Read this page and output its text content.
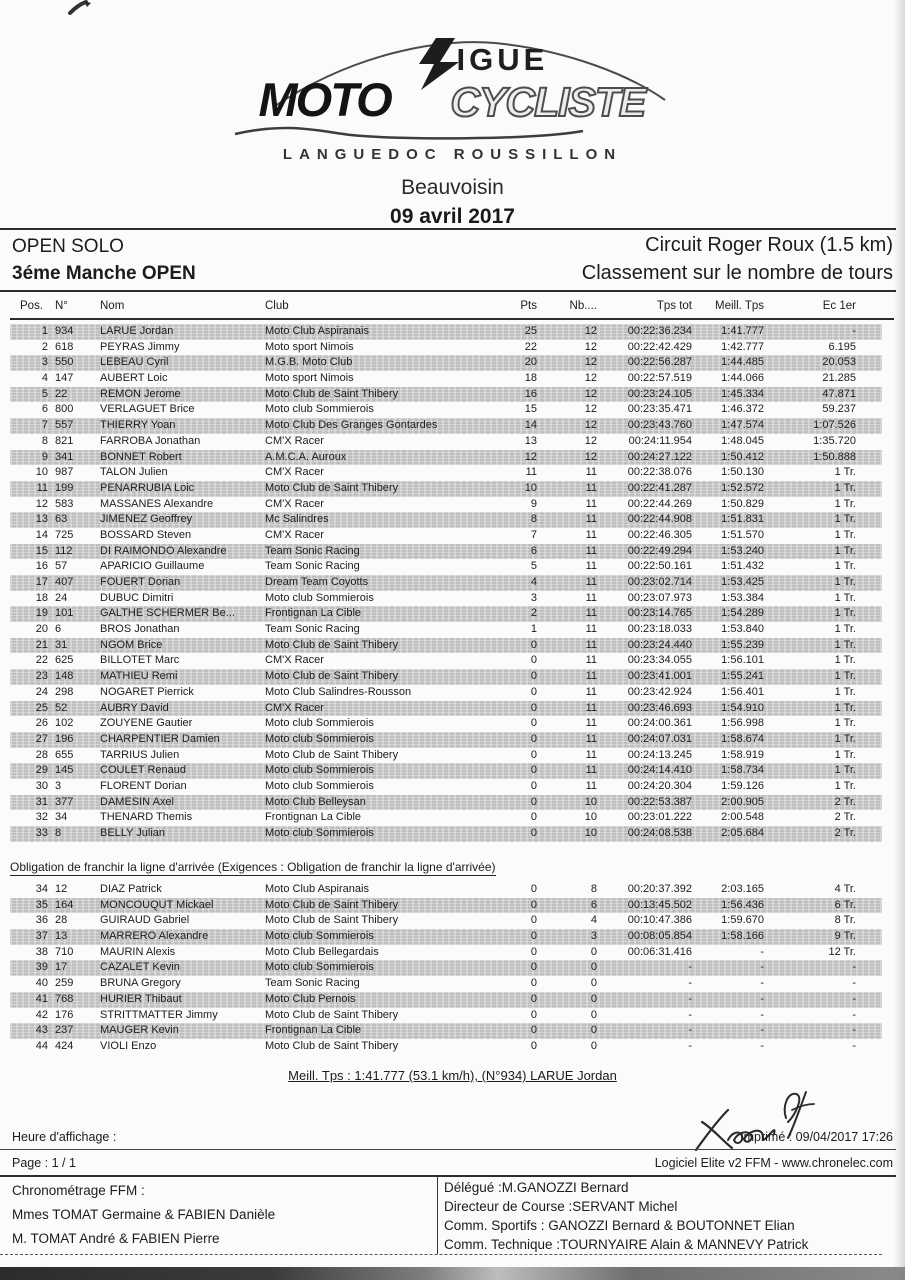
IGUE
MOTO CYCLISTE
LANGUEDOC ROUSSILLON
Beauvoisin
09 avril 2017
OPEN SOLO
3éme Manche OPEN
Circuit Roger Roux (1.5 km)
Classement sur le nombre de tours
Pos.	N°	Nom	Club	Pts	Nb....	Tps tot	Meill. Tps	Ec 1er
1 934	LARUE Jordan	Moto Club Aspiranais	25	12	00:22:36.234	1:41.777	-
2 618	PEYRAS Jimmy	Moto sport Nimois	22	12	00:22:42.429	1:42.777	6.195
3 550	LEBEAU Cyril	M.G.B. Moto Club	20	12	00:22:56.287	1:44.485	20.053
4 147	AUBERT Loic	Moto sport Nimois	18	12	00:22:57.519	1:44.066	21.285
5 22	REMON Jerome	Moto Club de Saint Thibery	16	12	00:23:24.105	1:45.334	47.871
6 800	VERLAGUET Brice	Moto club Sommierois	15	12	00:23:35.471	1:46.372	59.237
7 557	THIERRY Yoan	Moto Club Des Granges Gontardes	14	12	00:23:43.760	1:47.574	1:07.526
8 821	FARROBA Jonathan	CM'X Racer	13	12	00:24:11.954	1:48.045	1:35.720
9 341	BONNET Robert	A.M.C.A. Auroux	12	12	00:24:27.122	1:50.412	1:50.888
10 987	TALON Julien	CM'X Racer	11	11	00:22:38.076	1:50.130	1 Tr.
11 199	PENARRUBIA Loic	Moto Club de Saint Thibery	10	11	00:22:41.287	1:52.572	1 Tr.
12 583	MASSANES Alexandre	CM'X Racer	9	11	00:22:44.269	1:50.829	1 Tr.
13 63	JIMENEZ Geoffrey	Mc Salindres	8	11	00:22:44.908	1:51.831	1 Tr.
14 725	BOSSARD Steven	CM'X Racer	7	11	00:22:46.305	1:51.570	1 Tr.
15 112	DI RAIMONDO Alexandre	Team Sonic Racing	6	11	00:22:49.294	1:53.240	1 Tr.
16 57	APARICIO Guillaume	Team Sonic Racing	5	11	00:22:50.161	1:51.432	1 Tr.
17 407	FOUERT Dorian	Dream Team Coyotts	4	11	00:23:02.714	1:53.425	1 Tr.
18 24	DUBUC Dimitri	Moto club Sommierois	3	11	00:23:07.973	1:53.384	1 Tr.
19 101	GALTHE SCHERMER Be...	Frontignan La Cible	2	11	00:23:14.765	1:54.289	1 Tr.
20 6	BROS Jonathan	Team Sonic Racing	1	11	00:23:18.033	1:53.840	1 Tr.
21 31	NGOM Brice	Moto Club de Saint Thibery	0	11	00:23:24.440	1:55.239	1 Tr.
22 625	BILLOTET Marc	CM'X Racer	0	11	00:23:34.055	1:56.101	1 Tr.
23 148	MATHIEU Remi	Moto Club de Saint Thibery	0	11	00:23:41.001	1:55.241	1 Tr.
24 298	NOGARET Pierrick	Moto Club Salindres-Rousson	0	11	00:23:42.924	1:56.401	1 Tr.
25 52	AUBRY David	CM'X Racer	0	11	00:23:46.693	1:54.910	1 Tr.
26 102	ZOUYENE Gautier	Moto club Sommierois	0	11	00:24:00.361	1:56.998	1 Tr.
27 196	CHARPENTIER Damien	Moto club Sommierois	0	11	00:24:07.031	1:58.674	1 Tr.
28 655	TARRIUS Julien	Moto Club de Saint Thibery	0	11	00:24:13.245	1:58.919	1 Tr.
29 145	COULET Renaud	Moto club Sommierois	0	11	00:24:14.410	1:58.734	1 Tr.
30 3	FLORENT Dorian	Moto club Sommierois	0	11	00:24:20.304	1:59.126	1 Tr.
31 377	DAMESIN Axel	Moto Club Belleysan	0	10	00:22:53.387	2:00.905	2 Tr.
32 34	THENARD Themis	Frontignan La Cible	0	10	00:23:01.222	2:00.548	2 Tr.
33 8	BELLY Julian	Moto club Sommierois	0	10	00:24:08.538	2:05.684	2 Tr.
Obligation de franchir la ligne d'arrivée (Exigences : Obligation de franchir la ligne d'arrivée)
34 12	DIAZ Patrick	Moto Club Aspiranais	0	8	00:20:37.392	2:03.165	4 Tr.
35 164	MONCOUQUT Mickael	Moto Club de Saint Thibery	0	6	00:13:45.502	1:56.436	6 Tr.
36 28	GUIRAUD Gabriel	Moto Club de Saint Thibery	0	4	00:10:47.386	1:59.670	8 Tr.
37 13	MARRERO Alexandre	Moto club Sommierois	0	3	00:08:05.854	1:58.166	9 Tr.
38 710	MAURIN Alexis	Moto Club Bellegardais	0	0	00:06:31.416	-	12 Tr.
39 17	CAZALET Kevin	Moto club Sommierois	0	0	-	-	-
40 259	BRUNA Gregory	Team Sonic Racing	0	0	-	-	-
41 768	HURIER Thibaut	Moto Club Pernois	0	0	-	-	-
42 176	STRITTMATTER Jimmy	Moto Club de Saint Thibery	0	0	-	-	-
43 237	MAUGER Kevin	Frontignan La Cible	0	0	-	-	-
44 424	VIOLI Enzo	Moto Club de Saint Thibery	0	0	-	-	-
Meill. Tps : 1:41.777 (53.1 km/h), (N°934) LARUE Jordan
Heure d'affichage :	Imprimé : 09/04/2017 17:26
Page : 1 / 1	Logiciel Elite v2 FFM - www.chronelec.com
Chronométrage FFM :
Mmes TOMAT Germaine & FABIEN Danièle
M. TOMAT André & FABIEN Pierre
Délégué :M.GANOZZI Bernard
Directeur de Course :SERVANT Michel
Comm. Sportifs : GANOZZI Bernard & BOUTONNET Elian
Comm. Technique :TOURNYAIRE Alain & MANNEVY Patrick
